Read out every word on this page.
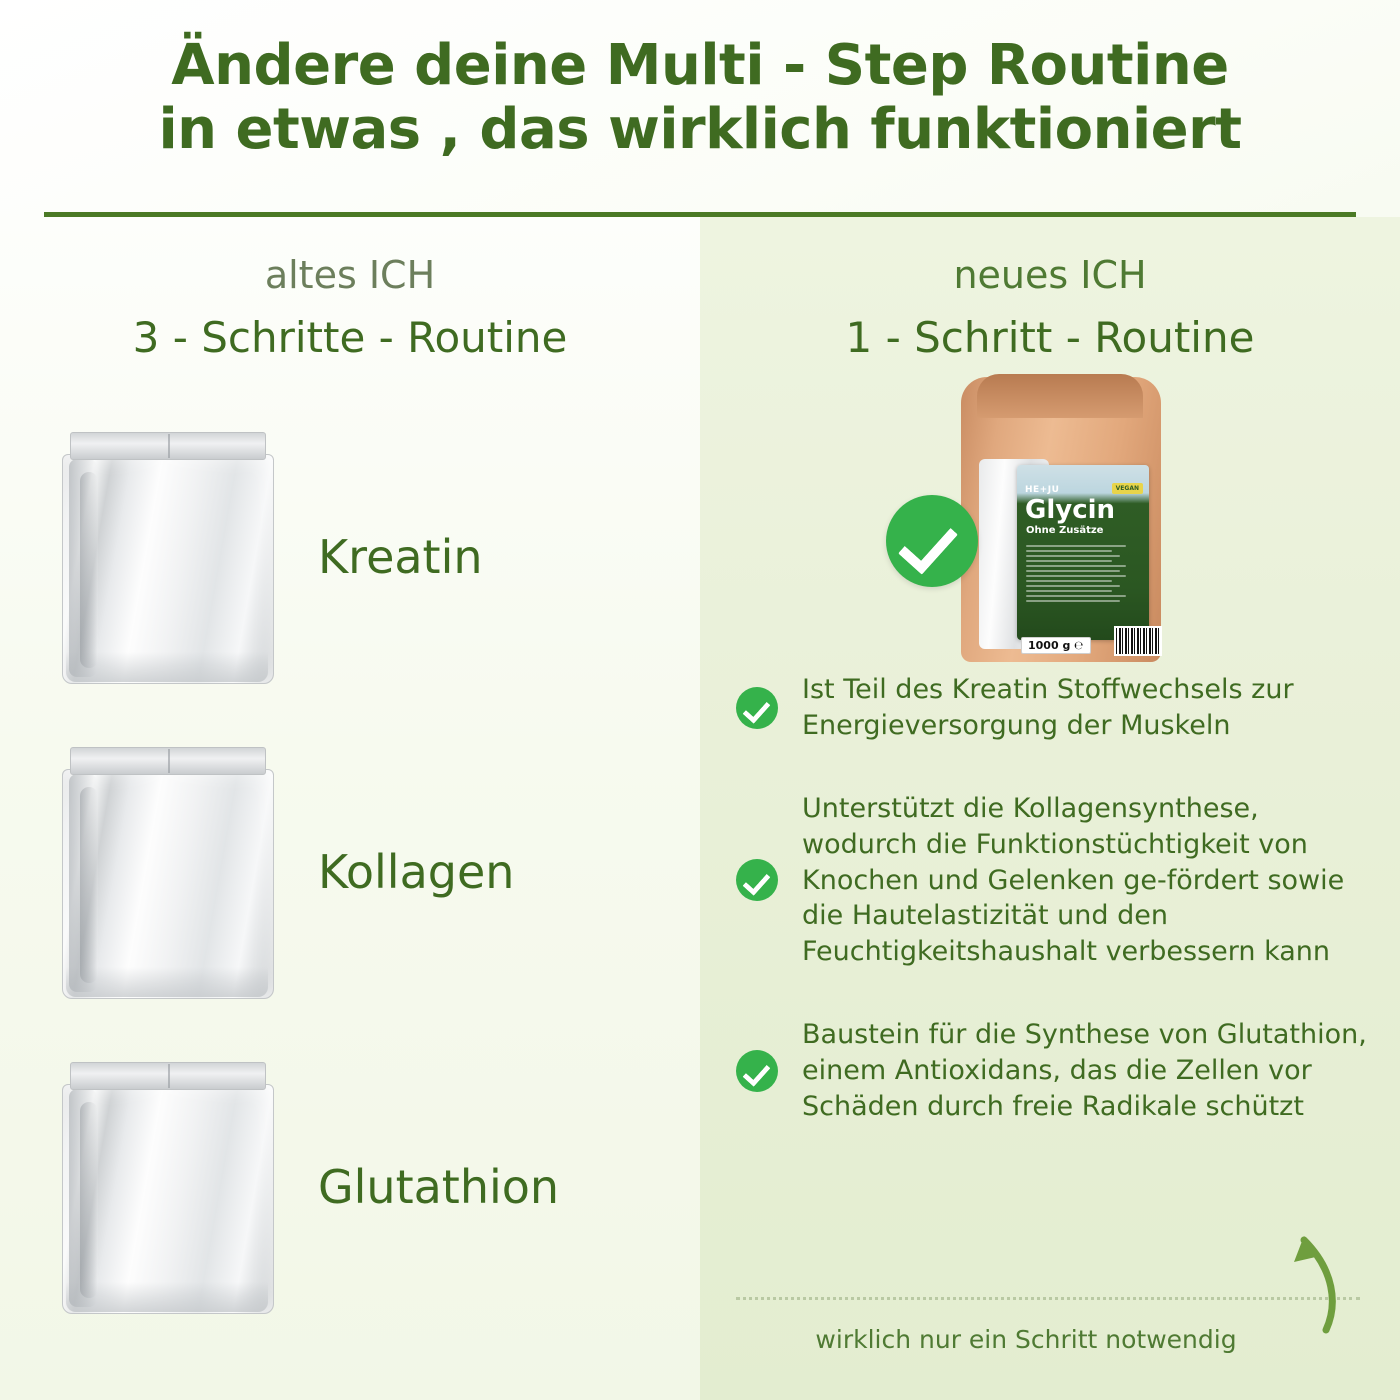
Ändere deine Multi - Step Routine
in etwas , das wirklich funktioniert
altes ICH
3 - Schritte - Routine
Kreatin
Kollagen
Glutathion
neues ICH
1 - Schritt - Routine
HE+JU	VEGAN
Glycin
Ohne Zusätze
1000 g ℮
Ist Teil des Kreatin Stoffwechsels zur Energieversorgung der Muskeln
Unterstützt die Kollagensynthese, wodurch die Funktionstüchtigkeit von Knochen und Gelenken ge-fördert sowie die Hautelastizität und den Feuchtigkeitshaushalt verbessern kann
Baustein für die Synthese von Glutathion, einem Antioxidans, das die Zellen vor Schäden durch freie Radikale schützt
wirklich nur ein Schritt notwendig
